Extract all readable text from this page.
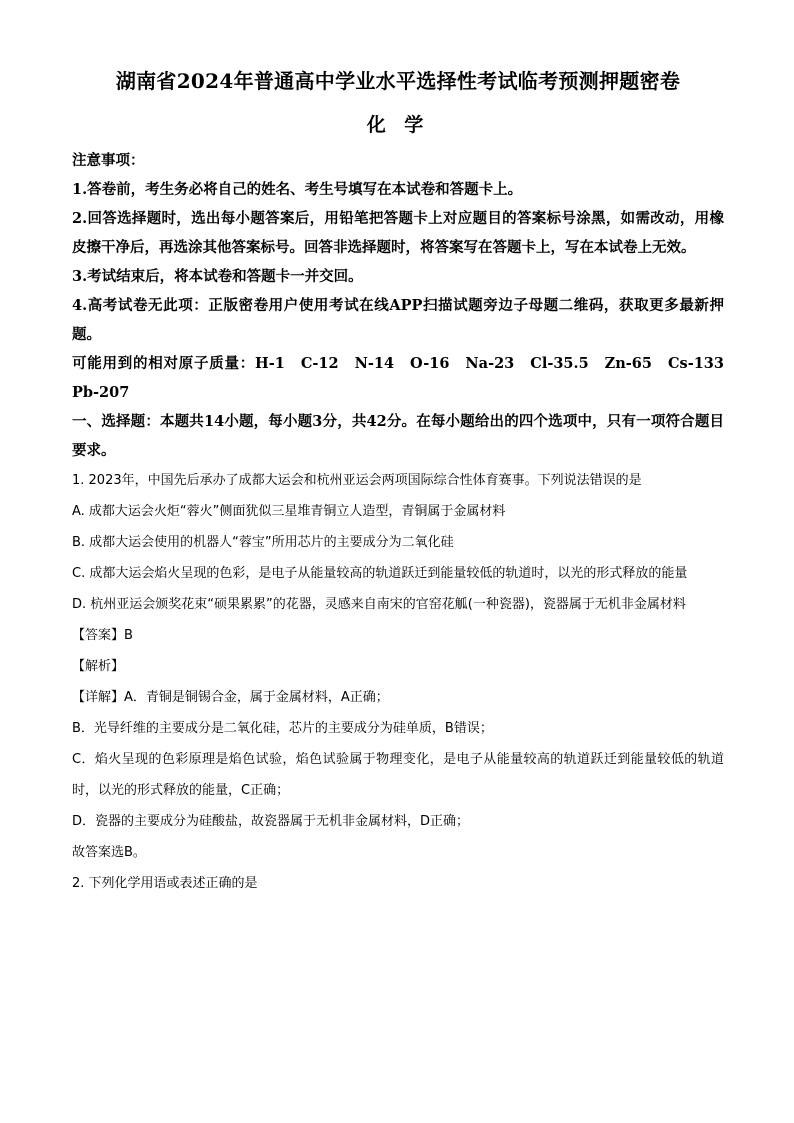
湖南省2024年普通高中学业水平选择性考试临考预测押题密卷
化 学
注意事项：
1.答卷前，考生务必将自己的姓名、考生号填写在本试卷和答题卡上。
2.回答选择题时，选出每小题答案后，用铅笔把答题卡上对应题目的答案标号涂黑，如需改动，用橡皮擦干净后，再选涂其他答案标号。回答非选择题时，将答案写在答题卡上，写在本试卷上无效。
3.考试结束后，将本试卷和答题卡一并交回。
4.高考试卷无此项：正版密卷用户使用考试在线APP扫描试题旁边子母题二维码，获取更多最新押题。
可能用到的相对原子质量：H-1　C-12　N-14　O-16　Na-23　Cl-35.5　Zn-65　Cs-133　Pb-207
一、选择题：本题共14小题，每小题3分，共42分。在每小题给出的四个选项中，只有一项符合题目要求。
1. 2023年，中国先后承办了成都大运会和杭州亚运会两项国际综合性体育赛事。下列说法错误的是
A. 成都大运会火炬“蓉火”侧面犹似三星堆青铜立人造型，青铜属于金属材料
B. 成都大运会使用的机器人“蓉宝”所用芯片的主要成分为二氧化硅
C. 成都大运会焰火呈现的色彩，是电子从能量较高的轨道跃迁到能量较低的轨道时，以光的形式释放的能量
D. 杭州亚运会颁奖花束“硕果累累”的花器，灵感来自南宋的官窑花觚(一种瓷器)，瓷器属于无机非金属材料
【答案】B
【解析】
【详解】A．青铜是铜锡合金，属于金属材料，A正确；
B．光导纤维的主要成分是二氧化硅，芯片的主要成分为硅单质，B错误；
C．焰火呈现的色彩原理是焰色试验，焰色试验属于物理变化，是电子从能量较高的轨道跃迁到能量较低的轨道时，以光的形式释放的能量，C正确；
D．瓷器的主要成分为硅酸盐，故瓷器属于无机非金属材料，D正确；
故答案选B。
2. 下列化学用语或表述正确的是
